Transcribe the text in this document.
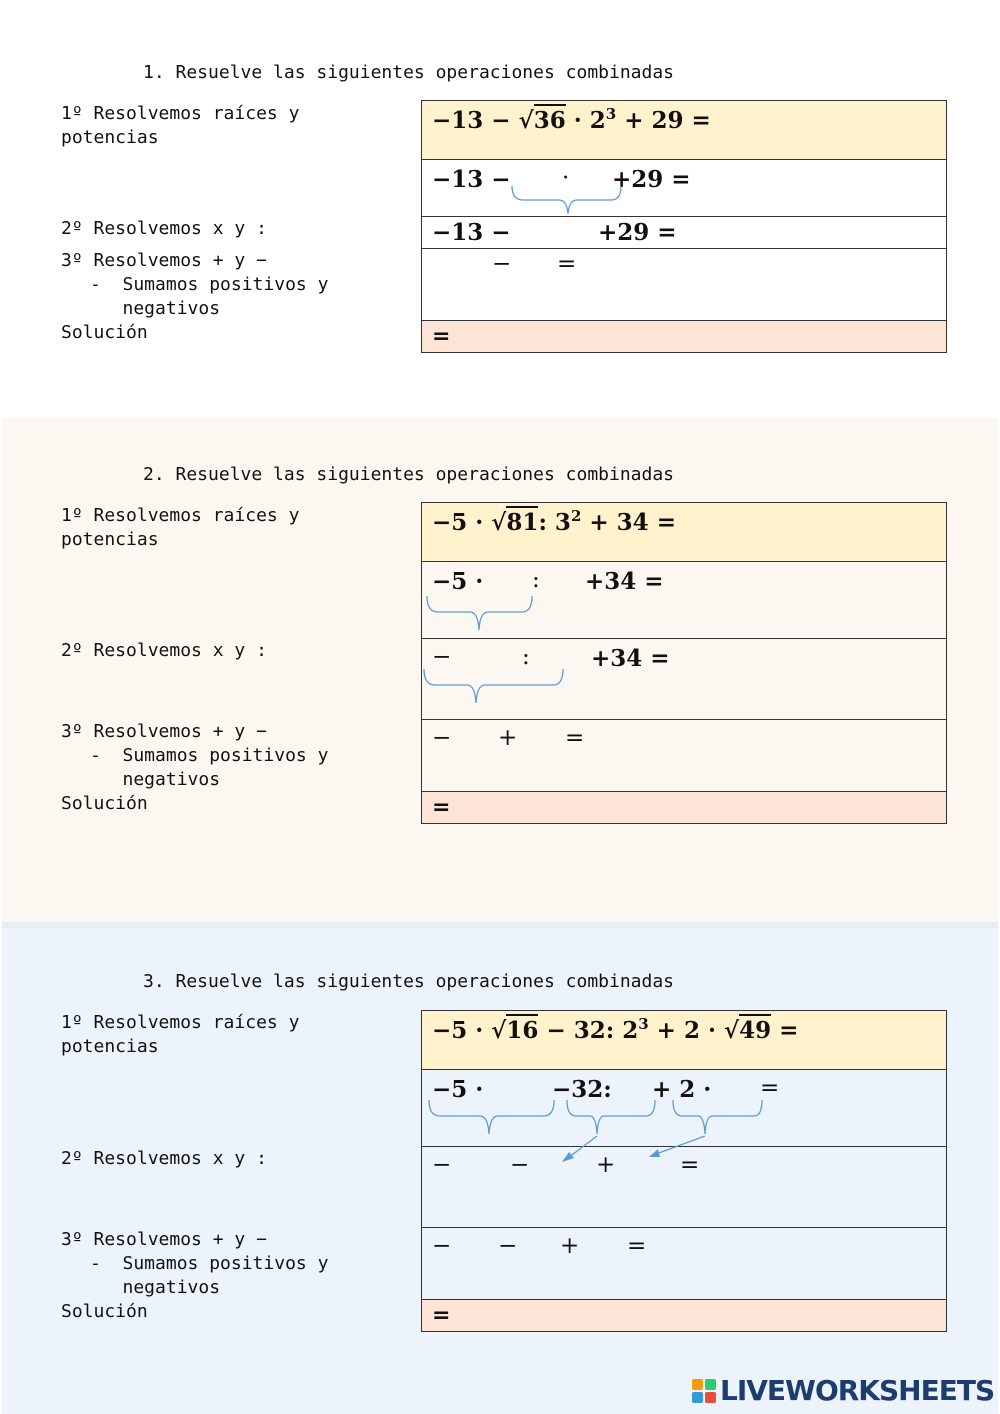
1. Resuelve las siguientes operaciones combinadas
1º Resolvemos raíces y
potencias
2º Resolvemos x y :
3º Resolvemos + y −
-  Sumamos positivos y
negativos
Solución
$-13 - √36 \cdot 2^3 + 29$ =
−13 − · +29 =
−13 −	+29 =
− =
=
2. Resuelve las siguientes operaciones combinadas
1º Resolvemos raíces y
potencias
2º Resolvemos x y :
3º Resolvemos + y −
-  Sumamos positivos y
negativos
Solución
−5 · √81: $3^2 + 34$ =
−5 · : +34 =
−	:	+34 =
− + =
=
3. Resuelve las siguientes operaciones combinadas
1º Resolvemos raíces y
potencias
2º Resolvemos x y :
3º Resolvemos + y −
-  Sumamos positivos y
negativos
Solución
−5 · √16 − 32: $2^3 + 2 \cdot √49$ =
−5 ·	−32: + 2 · =
−	−	+	=
− − + =
=
LIVEWORKSHEETS
